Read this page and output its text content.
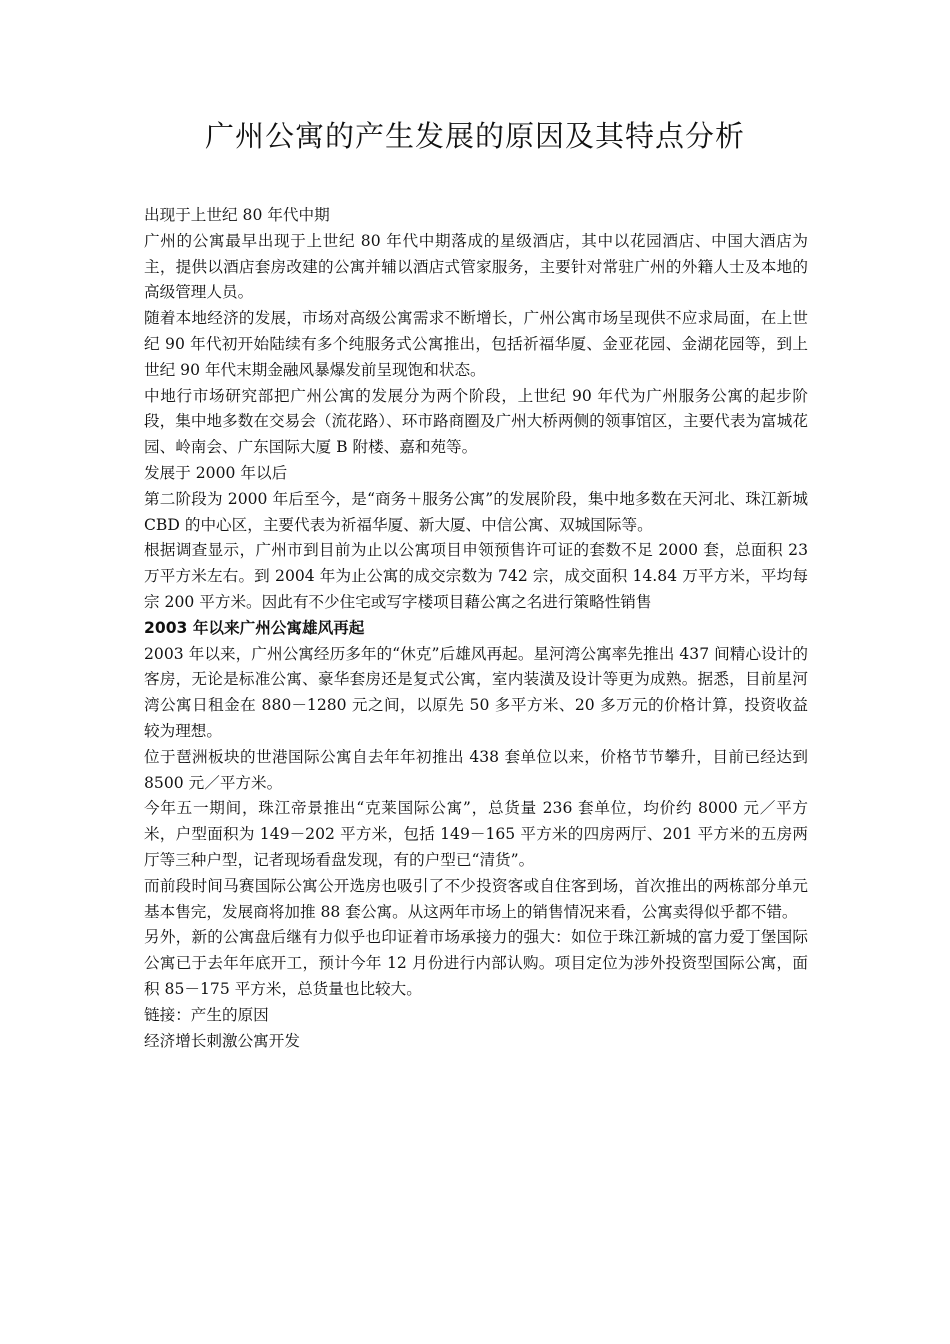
广州公寓的产生发展的原因及其特点分析

出现于上世纪 80 年代中期

广州的公寓最早出现于上世纪 80 年代中期落成的星级酒店，其中以花园酒店、中国大酒店为主，提供以酒店套房改建的公寓并辅以酒店式管家服务，主要针对常驻广州的外籍人士及本地的高级管理人员。

随着本地经济的发展，市场对高级公寓需求不断增长，广州公寓市场呈现供不应求局面，在上世纪 90 年代初开始陆续有多个纯服务式公寓推出，包括祈福华厦、金亚花园、金湖花园等，到上世纪 90 年代末期金融风暴爆发前呈现饱和状态。

中地行市场研究部把广州公寓的发展分为两个阶段，上世纪 90 年代为广州服务公寓的起步阶段，集中地多数在交易会（流花路）、环市路商圈及广州大桥两侧的领事馆区，主要代表为富城花园、岭南会、广东国际大厦 B 附楼、嘉和苑等。

发展于 2000 年以后

第二阶段为 2000 年后至今，是“商务＋服务公寓”的发展阶段，集中地多数在天河北、珠江新城 CBD 的中心区，主要代表为祈福华厦、新大厦、中信公寓、双城国际等。

根据调查显示，广州市到目前为止以公寓项目申领预售许可证的套数不足 2000 套，总面积 23 万平方米左右。到 2004 年为止公寓的成交宗数为 742 宗，成交面积 14.84 万平方米，平均每宗 200 平方米。因此有不少住宅或写字楼项目藉公寓之名进行策略性销售

2003 年以来广州公寓雄风再起

2003 年以来，广州公寓经历多年的“休克”后雄风再起。星河湾公寓率先推出 437 间精心设计的客房，无论是标准公寓、豪华套房还是复式公寓，室内装潢及设计等更为成熟。据悉，目前星河湾公寓日租金在 880－1280 元之间，以原先 50 多平方米、20 多万元的价格计算，投资收益较为理想。

位于琶洲板块的世港国际公寓自去年年初推出 438 套单位以来，价格节节攀升，目前已经达到 8500 元／平方米。

今年五一期间，珠江帝景推出“克莱国际公寓”，总货量 236 套单位，均价约 8000 元／平方米，户型面积为 149－202 平方米，包括 149－165 平方米的四房两厅、201 平方米的五房两厅等三种户型，记者现场看盘发现，有的户型已“清货”。

而前段时间马赛国际公寓公开选房也吸引了不少投资客或自住客到场，首次推出的两栋部分单元基本售完，发展商将加推 88 套公寓。从这两年市场上的销售情况来看，公寓卖得似乎都不错。

另外，新的公寓盘后继有力似乎也印证着市场承接力的强大：如位于珠江新城的富力爱丁堡国际公寓已于去年年底开工，预计今年 12 月份进行内部认购。项目定位为涉外投资型国际公寓，面积 85－175 平方米，总货量也比较大。

链接：产生的原因

经济增长刺激公寓开发
